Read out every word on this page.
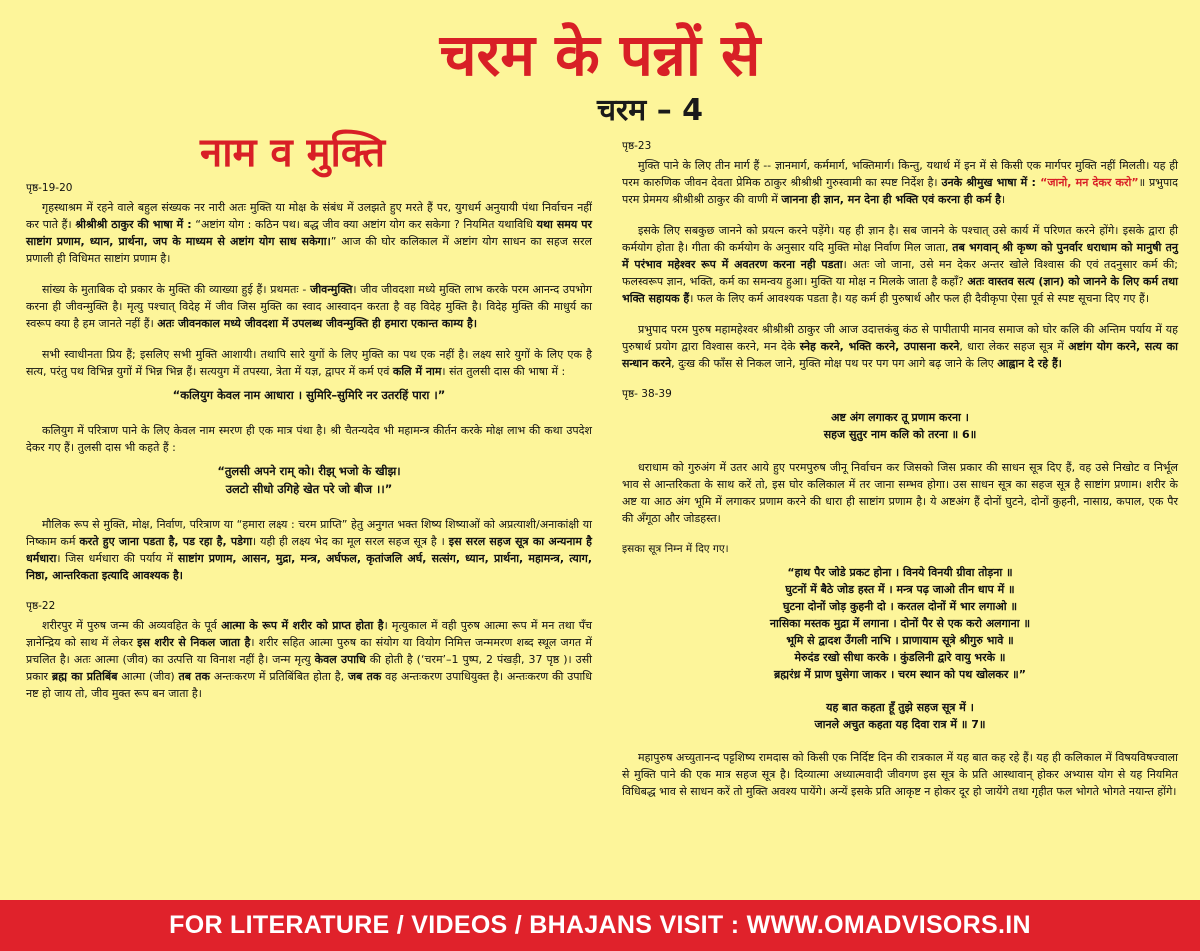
चरम के पन्नों से
चरम – 4
नाम व मुक्ति
पृष्ठ-19-20

गृहस्थाश्रम में रहने वाले बहुल संख्यक नर नारी अतः मुक्ति या मोक्ष के संबंध में उलझते हुए मरते हैं पर, युगधर्म अनुयायी पंथा निर्वाचन नहीं कर पाते हैं। श्रीश्रीश्री ठाकुर की भाषा में : “अष्टांग योग : कठिन पथ। बद्ध जीव क्या अष्टांग योग कर सकेगा ? नियमित यथाविधि यथा समय पर साष्टांग प्रणाम, ध्यान, प्रार्थना, जप के माध्यम से अष्टांग योग साध सकेगा।” आज की घोर कलिकाल में अष्टांग योग साधन का सहज सरल प्रणाली ही विधिमत साष्टांग प्रणाम है।

सांख्य के मुताबिक दो प्रकार के मुक्ति की व्याख्या हुई हैं। प्रथमतः - जीवन्मुक्ति। जीव जीवदशा मध्ये मुक्ति लाभ करके परम आनन्द उपभोग करना ही जीवन्मुक्ति है। मृत्यु पश्चात् विदेह में जीव जिस मुक्ति का स्वाद आस्वादन करता है वह विदेह मुक्ति है। विदेह मुक्ति की माधुर्य का स्वरूप क्या है हम जानते नहीं हैं। अतः जीवनकाल मध्ये जीवदशा में उपलब्ध जीवन्मुक्ति ही हमारा एकान्त काम्य है।

सभी स्वाधीनता प्रिय हैं; इसलिए सभी मुक्ति आशायी। तथापि सारे युगों के लिए मुक्ति का पथ एक नहीं है। लक्ष्य सारे युगों के लिए एक है सत्य, परंतु पथ विभिन्न युगों में भिन्न भिन्न हैं। सत्ययुग में तपस्या, त्रेता में यज्ञ, द्वापर में कर्म एवं कलि में नाम। संत तुलसी दास की भाषा में :

“कलियुग केवल नाम आधारा । सुमिरि–सुमिरि नर उतरहिं पारा ।”

कलियुग में परित्राण पाने के लिए केवल नाम स्मरण ही एक मात्र पंथा है। श्री चैतन्यदेव भी महामन्त्र कीर्तन करके मोक्ष लाभ की कथा उपदेश देकर गए हैं। तुलसी दास भी कहते हैं :

“तुलसी अपने राम् को। रीझ् भजो के खीझ।
उलटो सीधो उगिहे खेत परे जो बीज ।।”

मौलिक रूप से मुक्ति, मोक्ष, निर्वाण, परित्राण या “हमारा लक्ष्य : चरम प्राप्ति” हेतु अनुगत भक्त शिष्य शिष्याओं को अप्रत्याशी/अनाकांक्षी या निष्काम कर्म करते हुए जाना पडता है, पड रहा है, पडेगा। यही ही लक्ष्य भेद का मूल सरल सहज सूत्र है । इस सरल सहज सूत्र का अन्यनाम है धर्मधारा। जिस धर्मधारा की पर्याय में साष्टांग प्रणाम, आसन, मुद्रा, मन्त्र, अर्घफल, कृतांजलि अर्घ, सत्संग, ध्यान, प्रार्थना, महामन्त्र, त्याग, निष्ठा, आन्तरिकता इत्यादि आवश्यक है।

पृष्ठ-22

शरीरपुर में पुरुष जन्म की अव्यवहित के पूर्व आत्मा के रूप में शरीर को प्राप्त होता है। मृत्युकाल में वही पुरुष आत्मा रूप में मन तथा पँच ज्ञानेन्द्रिय को साथ में लेकर इस शरीर से निकल जाता है। शरीर सहित आत्मा पुरुष का संयोग या वियोग निमित्त जन्ममरण शब्द स्थूल जगत में प्रचलित है। अतः आत्मा (जीव) का उत्पत्ति या विनाश नहीं है। जन्म मृत्यु केवल उपाधि की होती है (‘चरम’–1 पुष्प, 2 पंखड़ी, 37 पृष्ठ )। उसी प्रकार ब्रह्म का प्रतिबिंब आत्मा (जीव) तब तक अन्तःकरण में प्रतिबिंबित होता है, जब तक वह अन्तःकरण उपाधियुक्त है। अन्तःकरण की उपाधि नष्ट हो जाय तो, जीव मुक्त रूप बन जाता है।

पृष्ठ-23

मुक्ति पाने के लिए तीन मार्ग हैं -- ज्ञानमार्ग, कर्ममार्ग, भक्तिमार्ग। किन्तु, यथार्थ में इन में से किसी एक मार्गपर मुक्ति नहीं मिलती। यह ही परम कारुणिक जीवन देवता प्रेमिक ठाकुर श्रीश्रीश्री गुरुस्वामी का स्पष्ट निर्देश है। उनके श्रीमुख भाषा में : “जानो, मन देकर करो”॥ प्रभुपाद परम प्रेममय श्रीश्रीश्री ठाकुर की वाणी में जानना ही ज्ञान, मन देना ही भक्ति एवं करना ही कर्म है।

इसके लिए सबकुछ जानने को प्रयत्न करने पड़ेंगे। यह ही ज्ञान है। सब जानने के पश्चात् उसे कार्य में परिणत करने होंगे। इसके द्वारा ही कर्मयोग होता है। गीता की कर्मयोग के अनुसार यदि मुक्ति मोक्ष निर्वाण मिल जाता, तब भगवान् श्री कृष्ण को पुनर्वार धराधाम को मानुषी तनु में परंभाव महेश्वर रूप में अवतरण करना नही पडता। अतः जो जाना, उसे मन देकर अन्तर खोले विश्वास की एवं तदनुसार कर्म की; फलस्वरूप ज्ञान, भक्ति, कर्म का समन्वय हुआ। मुक्ति या मोक्ष न मिलके जाता है कहाँ? अतः वास्तव सत्य (ज्ञान) को जानने के लिए कर्म तथा भक्ति सहायक हैं। फल के लिए कर्म आवश्यक पडता है। यह कर्म ही पुरुषार्थ और फल ही दैवीकृपा ऐसा पूर्व से स्पष्ट सूचना दिए गए हैं।

प्रभुपाद परम पुरुष महामहेश्वर श्रीश्रीश्री ठाकुर जी आज उदात्तकंबु कंठ से पापीतापी मानव समाज को घोर कलि की अन्तिम पर्याय में यह पुरुषार्थ प्रयोग द्वारा विश्वास करने, मन देके स्नेह करने, भक्ति करने, उपासना करने, धारा लेकर सहज सूत्र में अष्टांग योग करने, सत्य का सन्धान करने, दुःख की फाँस से निकल जाने, मुक्ति मोक्ष पथ पर पग पग आगे बढ़ जाने के लिए आह्वान दे रहे हैं।

पृष्ठ- 38-39
अष्ट अंग लगाकर तू प्रणाम करना ।
सहज सुतुर नाम कलि को तरना ॥ 6॥

धराधाम को गुरुअंग में उतर आये हुए परमपुरुष जीनू निर्वाचन कर जिसको जिस प्रकार की साधन सूत्र दिए हैं, वह उसे निखोट व निर्भूल भाव से आन्तरिकता के साथ करें तो, इस घोर कलिकाल में तर जाना सम्भव होगा। उस साधन सूत्र का सहज सूत्र है साष्टांग प्रणाम। शरीर के अष्ट या आठ अंग भूमि में लगाकर प्रणाम करने की धारा ही साष्टांग प्रणाम है। ये अष्टअंग हैं दोनों घुटने, दोनों कुहनी, नासाग्र, कपाल, एक पैर की अँगूठा और जोडहस्त।

इसका सूत्र निम्न में दिए गए।
“हाथ पैर जोडे प्रकट होना । विनये विनयी ग्रीवा तोड़ना ॥
घुटनों में बैठे जोड हस्त में । मन्त्र पढ़ जाओ तीन धाप में ॥
घुटना दोनों जोड़ कुहनी दो । करतल दोनों में भार लगाओ ॥
नासिका मस्तक मुद्रा में लगाना । दोनों पैर से एक करो अलगाना ॥
भूमि से द्वादश उँगली नाभि । प्राणायाम सूत्रे श्रीगुरु भावे ॥
मेरुदंड रखो सीधा करके । कुंडलिनी द्वारे वायु भरके ॥
ब्रह्मरंध्र में प्राण घुसेगा जाकर । चरम स्थान को पथ खोलकर ॥”
यह बात कहता हूँ तुझे सहज सूत्र में ।
जानले अचुत कहता यह दिवा रात्र में ॥ 7॥

महापुरुष अच्युतानन्द पट्टशिष्य रामदास को किसी एक निर्दिष्ट दिन की रात्रकाल में यह बात कह रहे हैं। यह ही कलिकाल में विषयविषज्वाला से मुक्ति पाने की एक मात्र सहज सूत्र है। दिव्यात्मा अध्यात्मवादी जीवगण इस सूत्र के प्रति आस्थावान् होकर अभ्यास योग से यह नियमित विधिबद्ध भाव से साधन करें तो मुक्ति अवश्य पायेंगे। अन्यें इसके प्रति आकृष्ट न होकर दूर हो जायेंगे तथा गृहीत फल भोगते भोगते नयान्त होंगे।

FOR LITERATURE / VIDEOS / BHAJANS VISIT : WWW.OMADVISORS.IN
